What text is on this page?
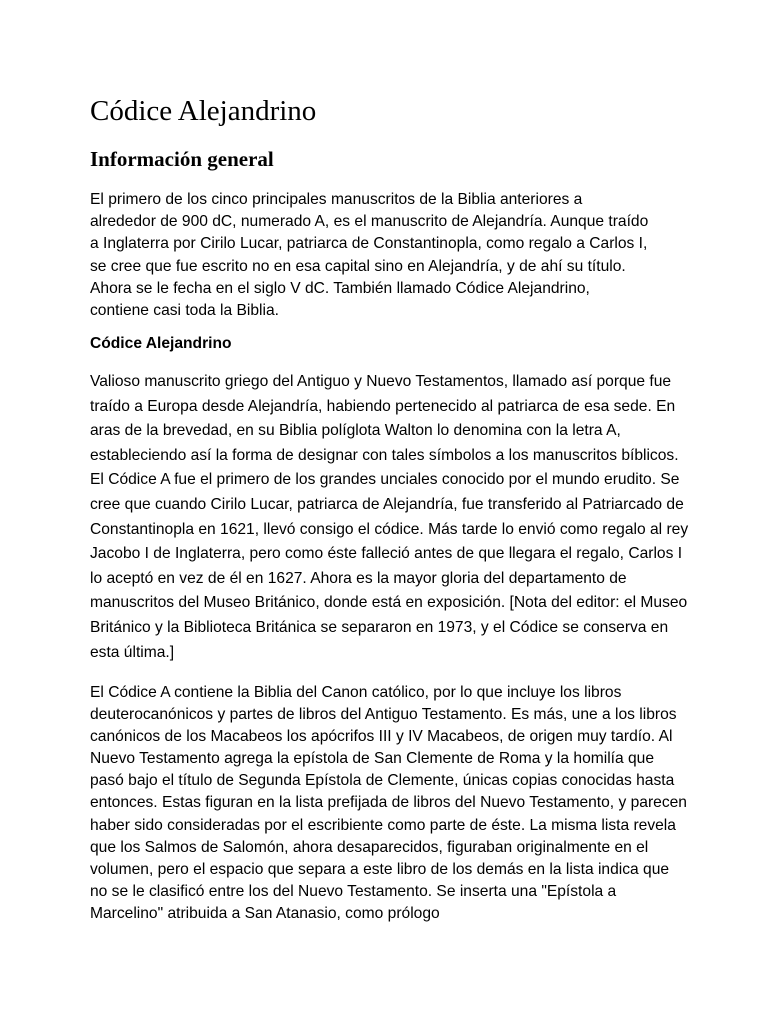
Códice Alejandrino
Información general

El primero de los cinco principales manuscritos de la Biblia anteriores a alrededor de 900 dC, numerado A, es el manuscrito de Alejandría. Aunque traído a Inglaterra por Cirilo Lucar, patriarca de Constantinopla, como regalo a Carlos I, se cree que fue escrito no en esa capital sino en Alejandría, y de ahí su título. Ahora se le fecha en el siglo V dC. También llamado Códice Alejandrino, contiene casi toda la Biblia.

Códice Alejandrino

Valioso manuscrito griego del Antiguo y Nuevo Testamentos, llamado así porque fue traído a Europa desde Alejandría, habiendo pertenecido al patriarca de esa sede. En aras de la brevedad, en su Biblia políglota Walton lo denomina con la letra A, estableciendo así la forma de designar con tales símbolos a los manuscritos bíblicos. El Códice A fue el primero de los grandes unciales conocido por el mundo erudito. Se cree que cuando Cirilo Lucar, patriarca de Alejandría, fue transferido al Patriarcado de Constantinopla en 1621, llevó consigo el códice. Más tarde lo envió como regalo al rey Jacobo I de Inglaterra, pero como éste falleció antes de que llegara el regalo, Carlos I lo aceptó en vez de él en 1627. Ahora es la mayor gloria del departamento de manuscritos del Museo Británico, donde está en exposición. [Nota del editor: el Museo Británico y la Biblioteca Británica se separaron en 1973, y el Códice se conserva en esta última.]

El Códice A contiene la Biblia del Canon católico, por lo que incluye los libros deuterocanónicos y partes de libros del Antiguo Testamento. Es más, une a los libros canónicos de los Macabeos los apócrifos III y IV Macabeos, de origen muy tardío. Al Nuevo Testamento agrega la epístola de San Clemente de Roma y la homilía que pasó bajo el título de Segunda Epístola de Clemente, únicas copias conocidas hasta entonces. Estas figuran en la lista prefijada de libros del Nuevo Testamento, y parecen haber sido consideradas por el escribiente como parte de éste. La misma lista revela que los Salmos de Salomón, ahora desaparecidos, figuraban originalmente en el volumen, pero el espacio que separa a este libro de los demás en la lista indica que no se le clasificó entre los del Nuevo Testamento. Se inserta una "Epístola a Marcelino" atribuida a San Atanasio, como prólogo
